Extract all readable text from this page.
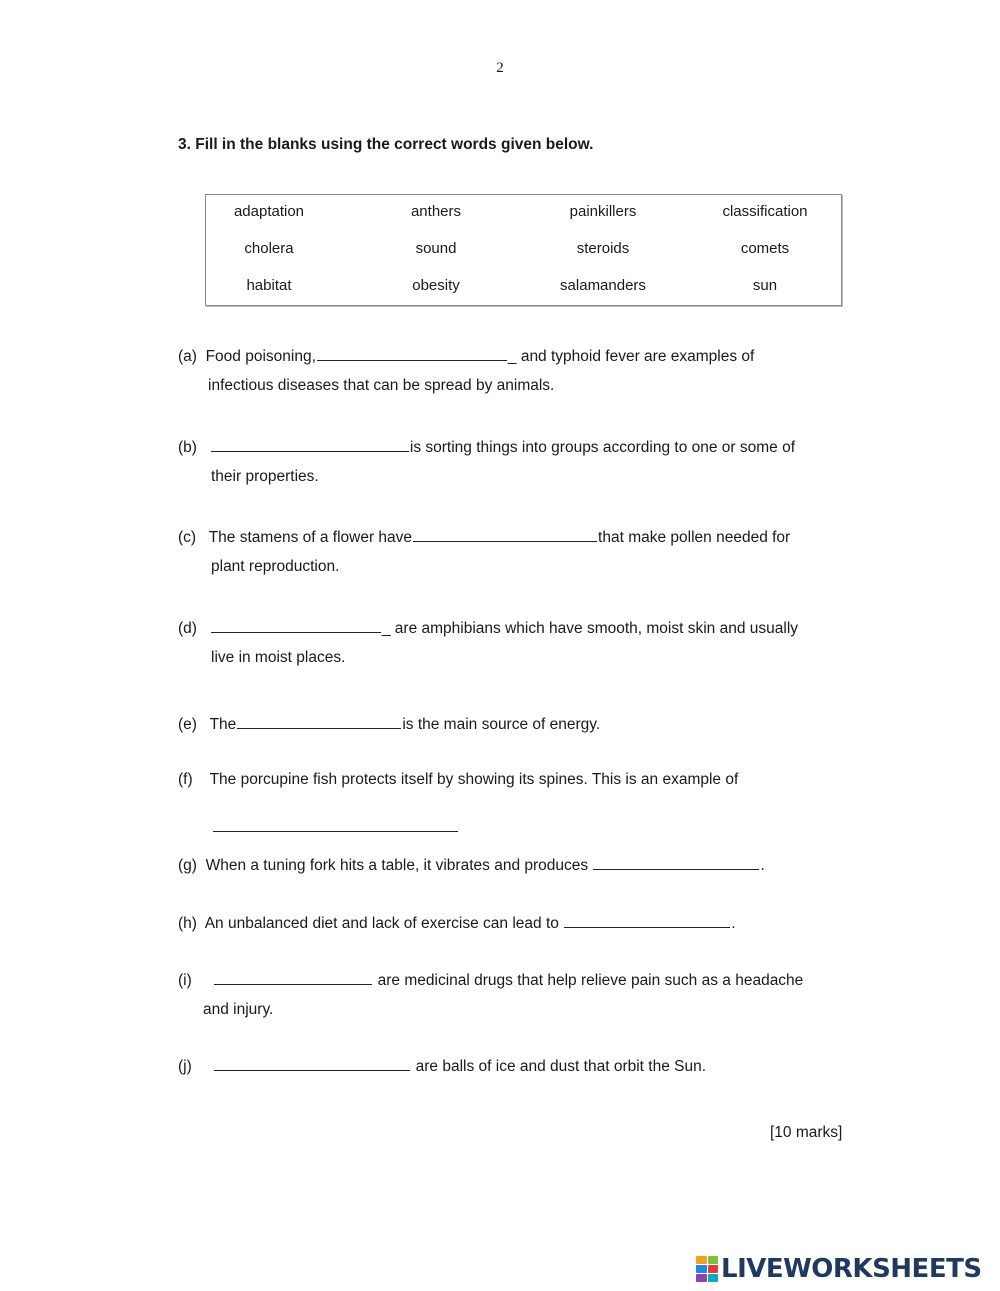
2
3. Fill in the blanks using the correct words given below.
adaptation	anthers	painkillers	classification
cholera	sound	steroids	comets
habitat	obesity	salamanders	sun
(a) Food poisoning,	_ and typhoid fever are examples of
infectious diseases that can be spread by animals.
(b)	is sorting things into groups according to one or some of
their properties.
(c) The stamens of a flower have	that make pollen needed for
plant reproduction.
(d)	_ are amphibians which have smooth, moist skin and usually
live in moist places.
(e) The	is the main source of energy.
(f) The porcupine fish protects itself by showing its spines. This is an example of
(g) When a tuning fork hits a table, it vibrates and produces	.
(h) An unbalanced diet and lack of exercise can lead to	.
(i)	are medicinal drugs that help relieve pain such as a headache
and injury.
(j)	are balls of ice and dust that orbit the Sun.
[10 marks]
LIVEWORKSHEETS
